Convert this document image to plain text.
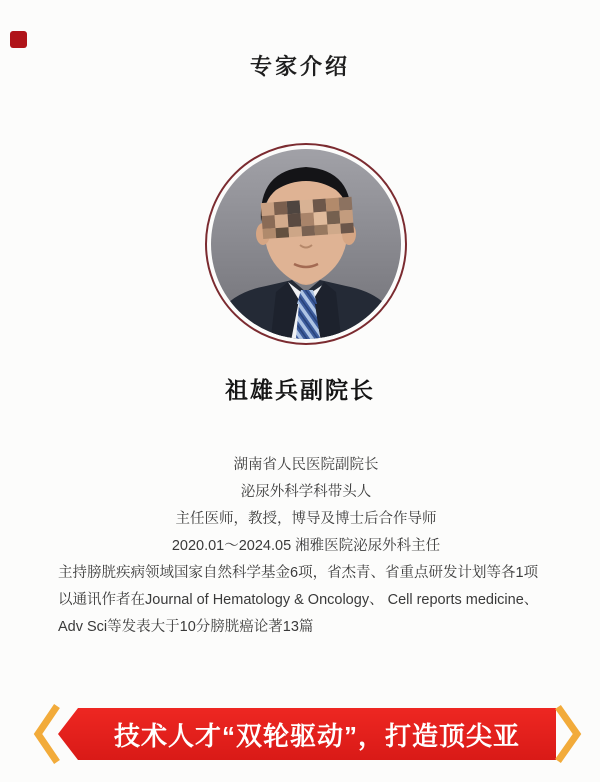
专家介绍
祖雄兵副院长
湖南省人民医院副院长
泌尿外科学科带头人
主任医师，教授，博导及博士后合作导师
2020.01～2024.05 湘雅医院泌尿外科主任
主持膀胱疾病领域国家自然科学基金6项，省杰青、省重点研发计划等各1项
以通讯作者在Journal of Hematology & Oncology、 Cell reports medicine、
Adv Sci等发表大于10分膀胱癌论著13篇
技术人才“双轮驱动”，打造顶尖亚
